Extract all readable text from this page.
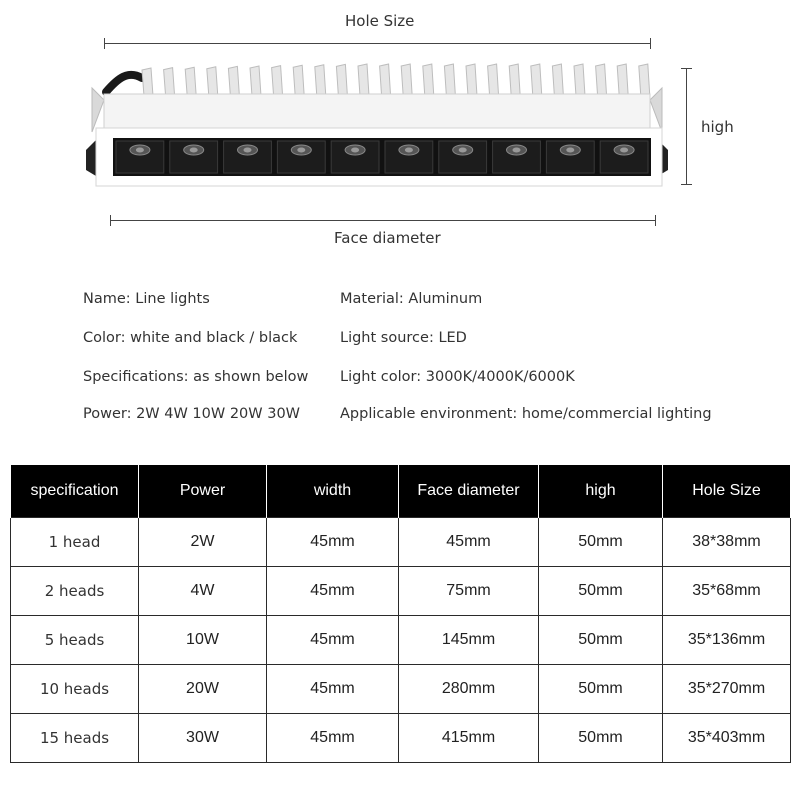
Hole Size
high
Face diameter
Name: Line lights
Color: white and black / black
Specifications: as shown below
Power: 2W 4W 10W 20W 30W
Material: Aluminum
Light source: LED
Light color: 3000K/4000K/6000K
Applicable environment: home/commercial lighting
specification	Power	width	Face diameter	high	Hole Size
1 head	2W	45mm	45mm	50mm	38*38mm
2 heads	4W	45mm	75mm	50mm	35*68mm
5 heads	10W	45mm	145mm	50mm	35*136mm
10 heads	20W	45mm	280mm	50mm	35*270mm
15 heads	30W	45mm	415mm	50mm	35*403mm
